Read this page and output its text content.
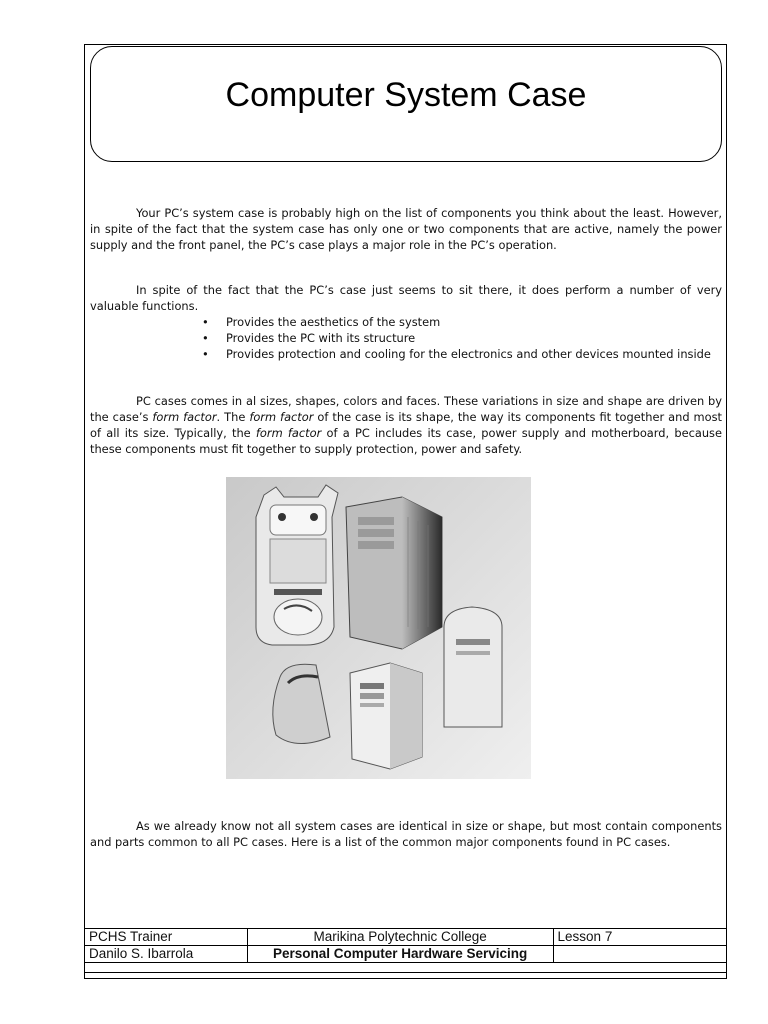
Computer System Case

Your PC’s system case is probably high on the list of components you think about the least. However, in spite of the fact that the system case has only one or two components that are active, namely the power supply and the front panel, the PC’s case plays a major role in the PC’s operation.

In spite of the fact that the PC’s case just seems to sit there, it does perform a number of very valuable functions.

• Provides the aesthetics of the system
• Provides the PC with its structure
• Provides protection and cooling for the electronics and other devices mounted inside

PC cases comes in al sizes, shapes, colors and faces. These variations in size and shape are driven by the case’s form factor. The form factor of the case is its shape, the way its components fit together and most of all its size. Typically, the form factor of a PC includes its case, power supply and motherboard, because these components must fit together to supply protection, power and safety.

As we already know not all system cases are identical in size or shape, but most contain components and parts common to all PC cases. Here is a list of the common major components found in PC cases.

PCHS Trainer	Marikina Polytechnic College	Lesson 7
Danilo S. Ibarrola	Personal Computer Hardware Servicing	
